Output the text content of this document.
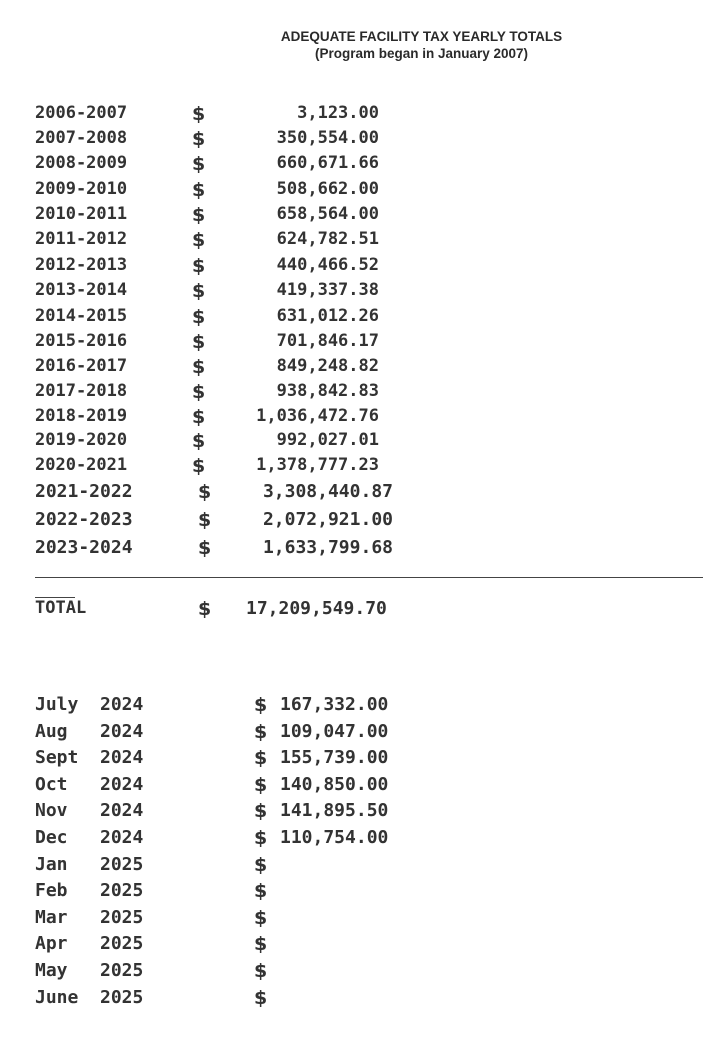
ADEQUATE FACILITY TAX YEARLY TOTALS
(Program began in January 2007)
2006-2007	$	3,123.00
2007-2008	$	350,554.00
2008-2009	$	660,671.66
2009-2010	$	508,662.00
2010-2011	$	658,564.00
2011-2012	$	624,782.51
2012-2013	$	440,466.52
2013-2014	$	419,337.38
2014-2015	$	631,012.26
2015-2016	$	701,846.17
2016-2017	$	849,248.82
2017-2018	$	938,842.83
2018-2019	$	1,036,472.76
2019-2020	$	992,027.01
2020-2021	$	1,378,777.23
2021-2022	$	3,308,440.87
2022-2023	$	2,072,921.00
2023-2024	$	1,633,799.68
TOTAL	$ 17,209,549.70
July 2024	$ 167,332.00
Aug 2024	$ 109,047.00
Sept 2024	$ 155,739.00
Oct 2024	$ 140,850.00
Nov 2024	$ 141,895.50
Dec 2024	$ 110,754.00
Jan 2025	$
Feb 2025	$
Mar 2025	$
Apr 2025	$
May 2025	$
June 2025	$
